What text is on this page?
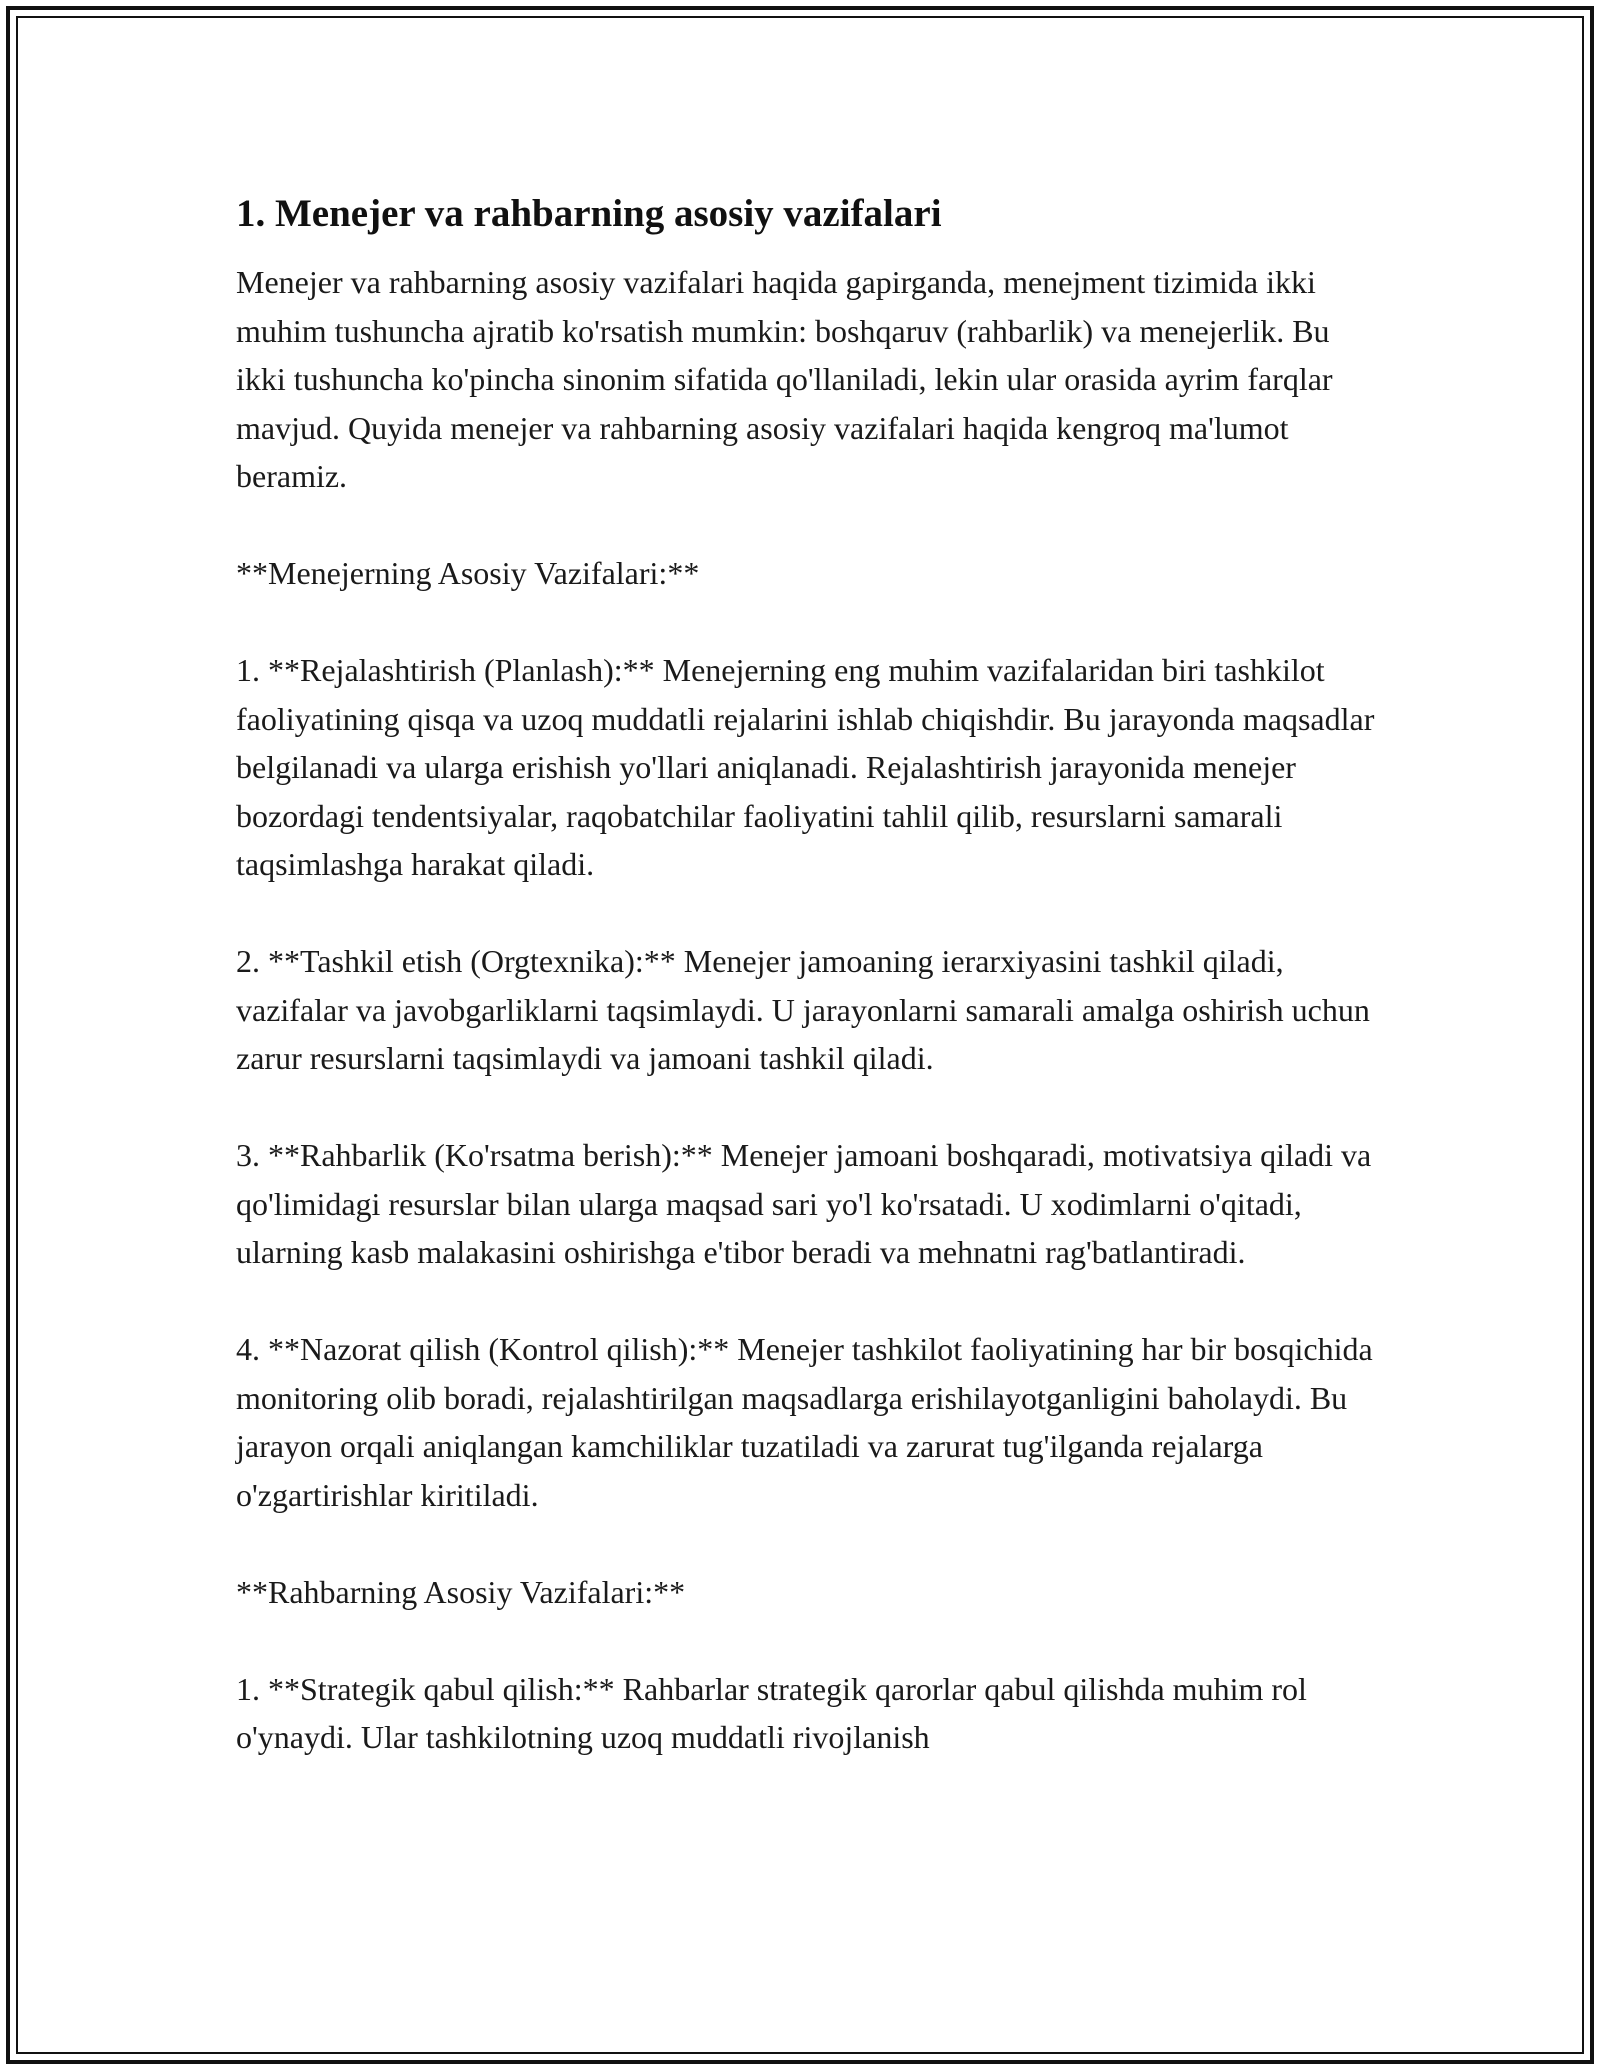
1. Menejer va rahbarning asosiy vazifalari

Menejer va rahbarning asosiy vazifalari haqida gapirganda, menejment tizimida ikki muhim tushuncha ajratib ko'rsatish mumkin: boshqaruv (rahbarlik) va menejerlik. Bu ikki tushuncha ko'pincha sinonim sifatida qo'llaniladi, lekin ular orasida ayrim farqlar mavjud. Quyida menejer va rahbarning asosiy vazifalari haqida kengroq ma'lumot beramiz.

**Menejerning Asosiy Vazifalari:**

1. **Rejalashtirish (Planlash):** Menejerning eng muhim vazifalaridan biri tashkilot faoliyatining qisqa va uzoq muddatli rejalarini ishlab chiqishdir. Bu jarayonda maqsadlar belgilanadi va ularga erishish yo'llari aniqlanadi. Rejalashtirish jarayonida menejer bozordagi tendentsiyalar, raqobatchilar faoliyatini tahlil qilib, resurslarni samarali taqsimlashga harakat qiladi.

2. **Tashkil etish (Orgtexnika):** Menejer jamoaning ierarxiyasini tashkil qiladi, vazifalar va javobgarliklarni taqsimlaydi. U jarayonlarni samarali amalga oshirish uchun zarur resurslarni taqsimlaydi va jamoani tashkil qiladi.

3. **Rahbarlik (Ko'rsatma berish):** Menejer jamoani boshqaradi, motivatsiya qiladi va qo'limidagi resurslar bilan ularga maqsad sari yo'l ko'rsatadi. U xodimlarni o'qitadi, ularning kasb malakasini oshirishga e'tibor beradi va mehnatni rag'batlantiradi.

4. **Nazorat qilish (Kontrol qilish):** Menejer tashkilot faoliyatining har bir bosqichida monitoring olib boradi, rejalashtirilgan maqsadlarga erishilayotganligini baholaydi. Bu jarayon orqali aniqlangan kamchiliklar tuzatiladi va zarurat tug'ilganda rejalarga o'zgartirishlar kiritiladi.

**Rahbarning Asosiy Vazifalari:**

1. **Strategik qabul qilish:** Rahbarlar strategik qarorlar qabul qilishda muhim rol o'ynaydi. Ular tashkilotning uzoq muddatli rivojlanish
